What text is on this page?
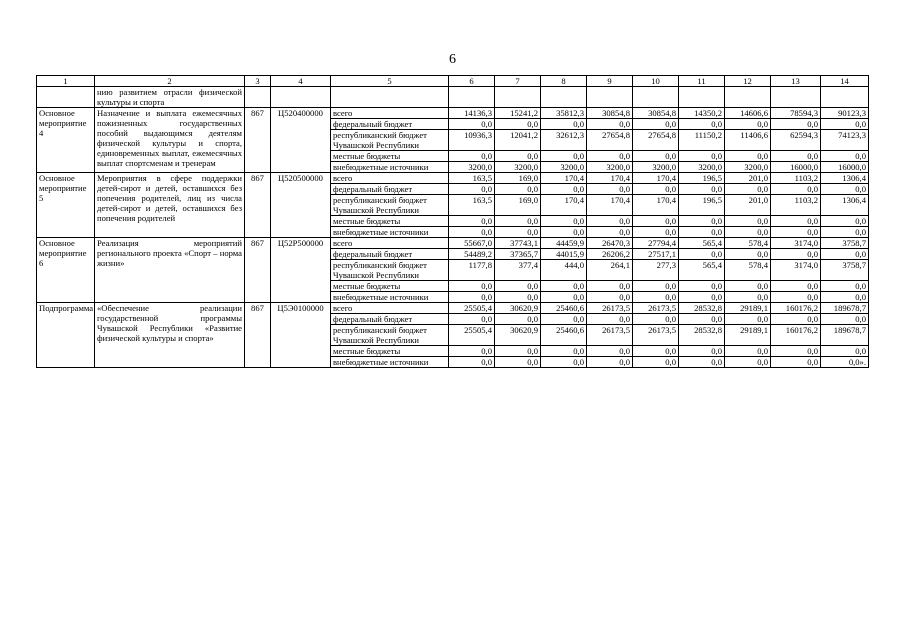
6
1	2	3	4	5	6	7	8	9	10	11	12	13	14
	нию развитием отрасли физической культуры и спорта												
Основное мероприятие 4	Назначение и выплата ежемесячных пожизненных государственных пособий выдающимся деятелям физической культуры и спорта, единовременных выплат, ежемесячных выплат спортсменам и тренерам	867	Ц520400000	всего	14136,3	15241,2	35812,3	30854,8	30854,8	14350,2	14606,6	78594,3	90123,3
				федеральный бюджет	0,0	0,0	0,0	0,0	0,0	0,0	0,0	0,0	0,0
				республиканский бюджет Чувашской Республики	10936,3	12041,2	32612,3	27654,8	27654,8	11150,2	11406,6	62594,3	74123,3
				местные бюджеты	0,0	0,0	0,0	0,0	0,0	0,0	0,0	0,0	0,0
				внебюджетные источники	3200,0	3200,0	3200,0	3200,0	3200,0	3200,0	3200,0	16000,0	16000,0
Основное мероприятие 5	Мероприятия в сфере поддержки детей-сирот и детей, оставшихся без попечения родителей, лиц из числа детей-сирот и детей, оставшихся без попечения родителей	867	Ц520500000	всего	163,5	169,0	170,4	170,4	170,4	196,5	201,0	1103,2	1306,4
				федеральный бюджет	0,0	0,0	0,0	0,0	0,0	0,0	0,0	0,0	0,0
				республиканский бюджет Чувашской Республики	163,5	169,0	170,4	170,4	170,4	196,5	201,0	1103,2	1306,4
				местные бюджеты	0,0	0,0	0,0	0,0	0,0	0,0	0,0	0,0	0,0
				внебюджетные источники	0,0	0,0	0,0	0,0	0,0	0,0	0,0	0,0	0,0
Основное мероприятие 6	Реализация мероприятий регионального проекта «Спорт – норма жизни»	867	Ц52Р500000	всего	55667,0	37743,1	44459,9	26470,3	27794,4	565,4	578,4	3174,0	3758,7
				федеральный бюджет	54489,2	37365,7	44015,9	26206,2	27517,1	0,0	0,0	0,0	0,0
				республиканский бюджет Чувашской Республики	1177,8	377,4	444,0	264,1	277,3	565,4	578,4	3174,0	3758,7
				местные бюджеты	0,0	0,0	0,0	0,0	0,0	0,0	0,0	0,0	0,0
				внебюджетные источники	0,0	0,0	0,0	0,0	0,0	0,0	0,0	0,0	0,0
Подпрограмма	«Обеспечение реализации государственной программы Чувашской Республики «Развитие физической культуры и спорта»	867	Ц5Э0100000	всего	25505,4	30620,9	25460,6	26173,5	26173,5	28532,8	29189,1	160176,2	189678,7
				федеральный бюджет	0,0	0,0	0,0	0,0	0,0	0,0	0,0	0,0	0,0
				республиканский бюджет Чувашской Республики	25505,4	30620,9	25460,6	26173,5	26173,5	28532,8	29189,1	160176,2	189678,7
				местные бюджеты	0,0	0,0	0,0	0,0	0,0	0,0	0,0	0,0	0,0
				внебюджетные источники	0,0	0,0	0,0	0,0	0,0	0,0	0,0	0,0	0,0».
